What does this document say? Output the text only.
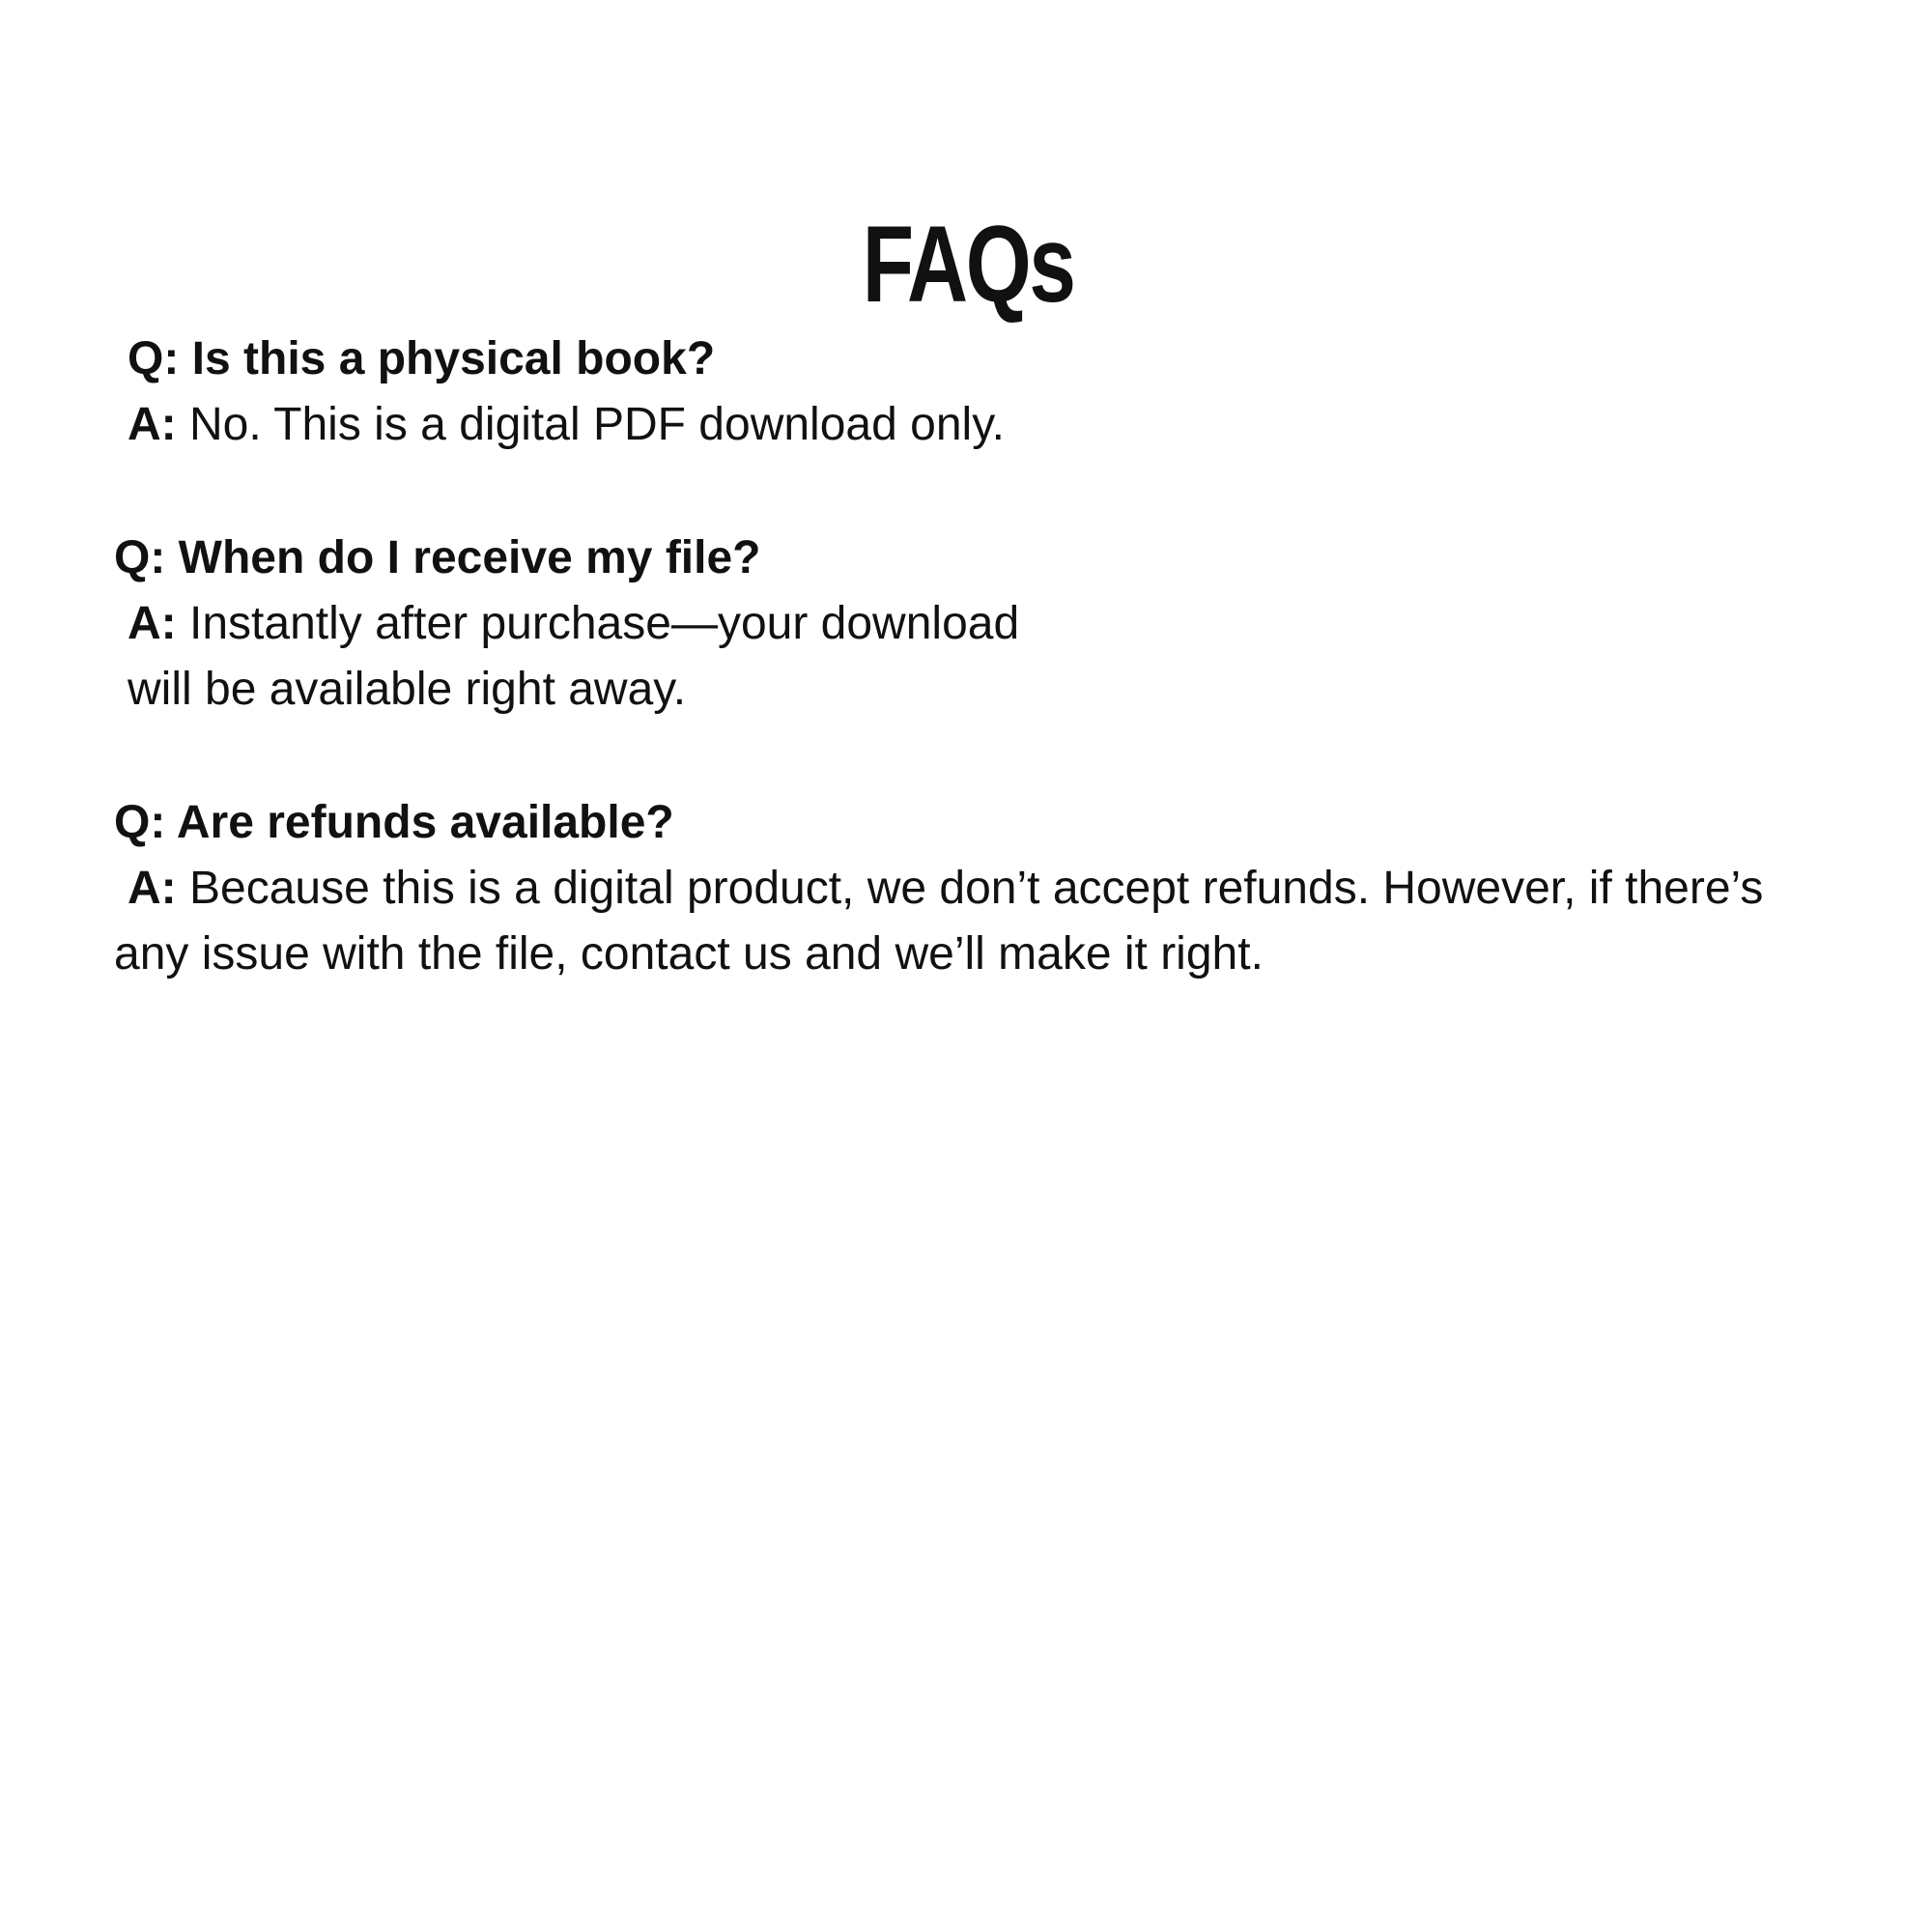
FAQs

Q: Is this a physical book?

A: No. This is a digital PDF download only.

Q: When do I receive my file?

A: Instantly after purchase—your download

will be available right away.

Q: Are refunds available?

A: Because this is a digital product, we don’t accept refunds. However, if there’s

any issue with the file, contact us and we’ll make it right.
